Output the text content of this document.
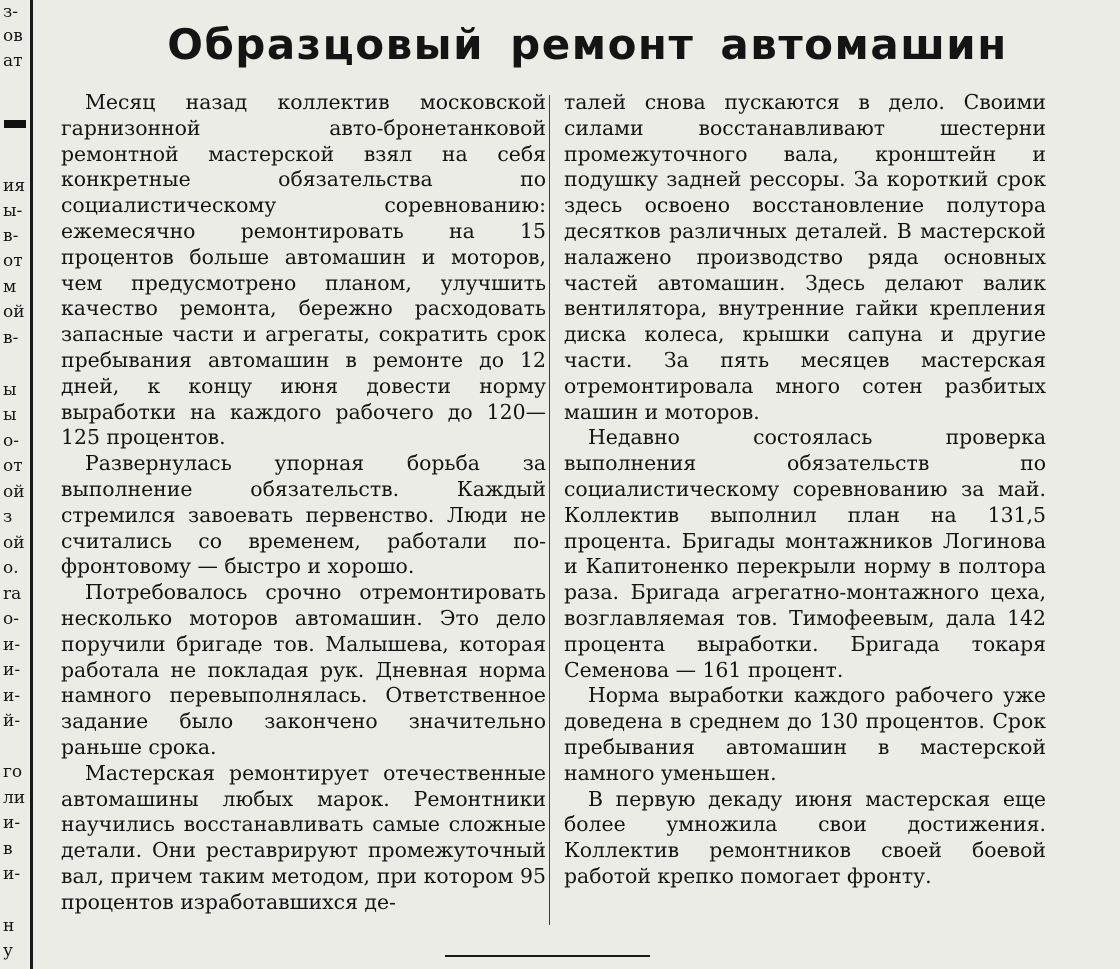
з-
ов
ат
ия
ы-
в-
от
м
ой
в-
ы
ы
о-
от
ой
з
ой
о.
ra
о-
и-
и-
и-
й-
го
ли
и-
в
и-
н
у
Образцовый ремонт автомашин

Месяц назад коллектив московской гарнизонной авто-бронетанковой ремонтной мастерской взял на себя конкретные обязательства по социалистическому соревнованию: ежемесячно ремонтировать на 15 процентов больше автомашин и моторов, чем предусмотрено планом, улучшить качество ремонта, бережно расходовать запасные части и агрегаты, сократить срок пребывания автомашин в ремонте до 12 дней, к концу июня довести норму выработки на каждого рабочего до 120—125 процентов.

Развернулась упорная борьба за выполнение обязательств. Каждый стремился завоевать первенство. Люди не считались со временем, работали по-фронтовому — быстро и хорошо.

Потребовалось срочно отремонтировать несколько моторов автомашин. Это дело поручили бригаде тов. Малышева, которая работала не покладая рук. Дневная норма намного перевыполнялась. Ответственное задание было закончено значительно раньше срока.

Мастерская ремонтирует отечественные автомашины любых марок. Ремонтники научились восстанавливать самые сложные детали. Они реставрируют промежуточный вал, причем таким методом, при котором 95 процентов изработавшихся де-

талей снова пускаются в дело. Своими силами восстанавливают шестерни промежуточного вала, кронштейн и подушку задней рессоры. За короткий срок здесь освоено восстановление полутора десятков различных деталей. В мастерской налажено производство ряда основных частей автомашин. Здесь делают валик вентилятора, внутренние гайки крепления диска колеса, крышки сапуна и другие части. За пять месяцев мастерская отремонтировала много сотен разбитых машин и моторов.

Недавно состоялась проверка выполнения обязательств по социалистическому соревнованию за май. Коллектив выполнил план на 131,5 процента. Бригады монтажников Логинова и Капитоненко перекрыли норму в полтора раза. Бригада агрегатно-монтажного цеха, возглавляемая тов. Тимофеевым, дала 142 процента выработки. Бригада токаря Семенова — 161 процент.

Норма выработки каждого рабочего уже доведена в среднем до 130 процентов. Срок пребывания автомашин в мастерской намного уменьшен.

В первую декаду июня мастерская еще более умножила свои достижения. Коллектив ремонтников своей боевой работой крепко помогает фронту.
